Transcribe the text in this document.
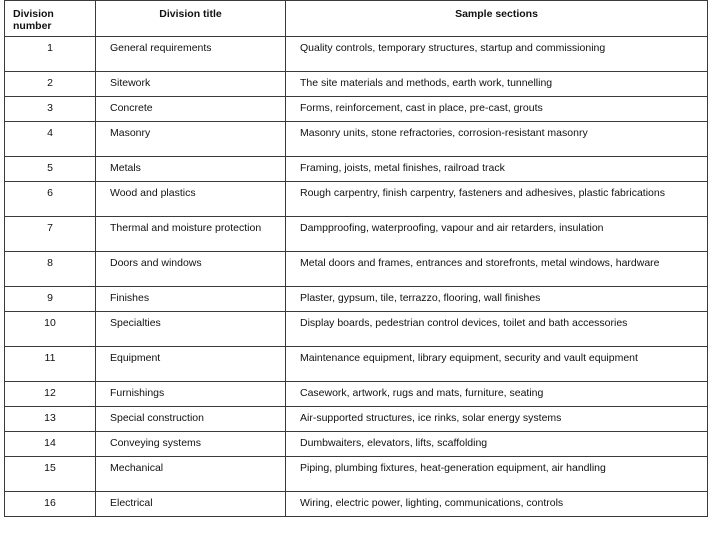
Division number	Division title	Sample sections
1	General requirements	Quality controls, temporary structures, startup and commissioning
2	Sitework	The site materials and methods, earth work, tunnelling
3	Concrete	Forms, reinforcement, cast in place, pre-cast, grouts
4	Masonry	Masonry units, stone refractories, corrosion-resistant masonry
5	Metals	Framing, joists, metal finishes, railroad track
6	Wood and plastics	Rough carpentry, finish carpentry, fasteners and adhesives, plastic fabrications
7	Thermal and moisture protection	Dampproofing, waterproofing, vapour and air retarders, insulation
8	Doors and windows	Metal doors and frames, entrances and storefronts, metal windows, hardware
9	Finishes	Plaster, gypsum, tile, terrazzo, flooring, wall finishes
10	Specialties	Display boards, pedestrian control devices, toilet and bath accessories
11	Equipment	Maintenance equipment, library equipment, security and vault equipment
12	Furnishings	Casework, artwork, rugs and mats, furniture, seating
13	Special construction	Air-supported structures, ice rinks, solar energy systems
14	Conveying systems	Dumbwaiters, elevators, lifts, scaffolding
15	Mechanical	Piping, plumbing fixtures, heat-generation equipment, air handling
16	Electrical	Wiring, electric power, lighting, communications, controls
